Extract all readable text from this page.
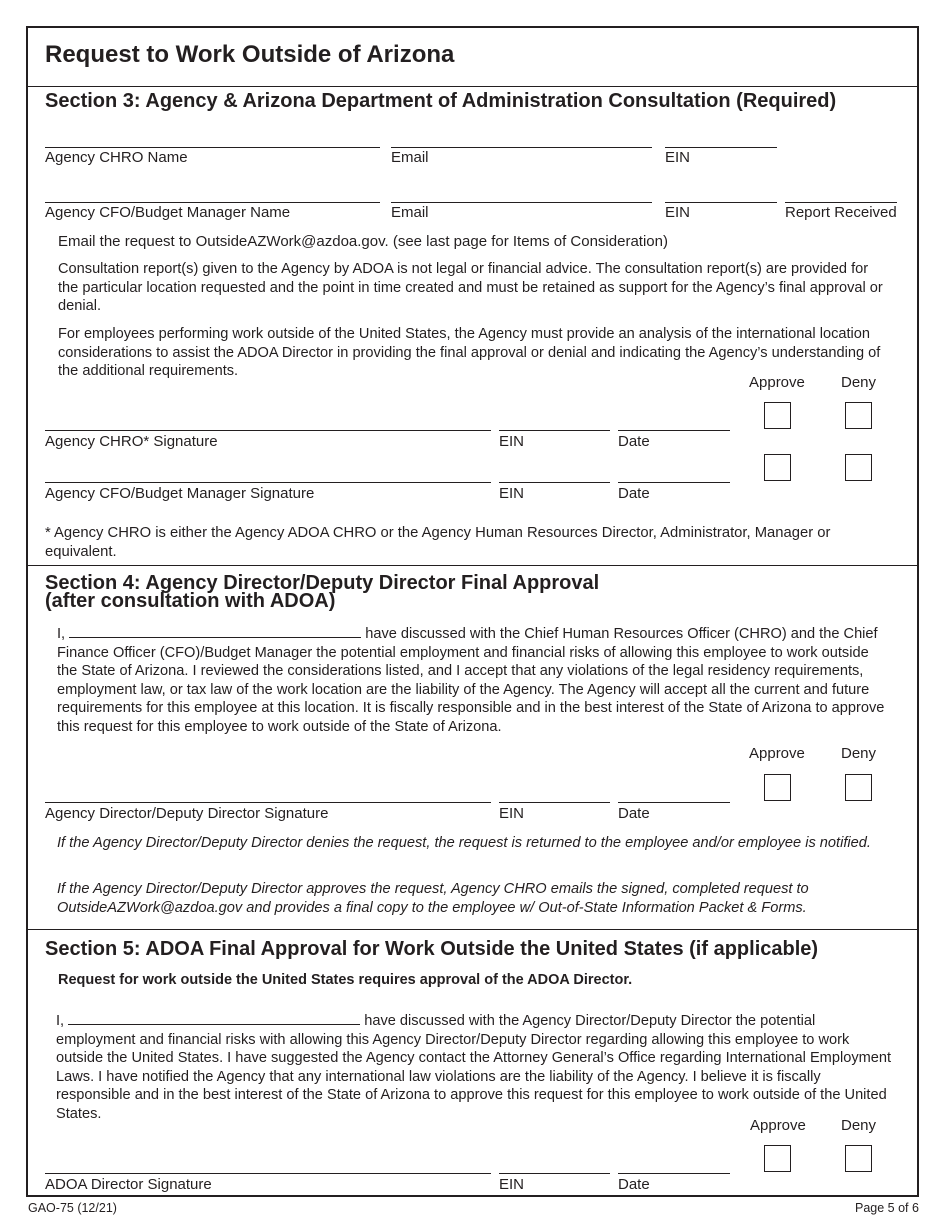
Request to Work Outside of Arizona
Section 3: Agency & Arizona Department of Administration Consultation (Required)
Agency CHRO Name	Email	EIN
Agency CFO/Budget Manager Name	Email	EIN	Report Received
Email the request to OutsideAZWork@azdoa.gov. (see last page for Items of Consideration)
Consultation report(s) given to the Agency by ADOA is not legal or financial advice. The consultation report(s) are provided for the particular location requested and the point in time created and must be retained as support for the Agency’s final approval or denial.
For employees performing work outside of the United States, the Agency must provide an analysis of the international location considerations to assist the ADOA Director in providing the final approval or denial and indicating the Agency’s understanding of the additional requirements.
Approve Deny
Agency CHRO* Signature	EIN	Date
Agency CFO/Budget Manager Signature	EIN	Date
* Agency CHRO is either the Agency ADOA CHRO or the Agency Human Resources Director, Administrator, Manager or equivalent.
Section 4: Agency Director/Deputy Director Final Approval
(after consultation with ADOA)
I,	have discussed with the Chief Human Resources Officer (CHRO) and the Chief Finance Officer (CFO)/Budget Manager the potential employment and financial risks of allowing this employee to work outside the State of Arizona. I reviewed the considerations listed, and I accept that any violations of the legal residency requirements, employment law, or tax law of the work location are the liability of the Agency. The Agency will accept all the current and future requirements for this employee at this location. It is fiscally responsible and in the best interest of the State of Arizona to approve this request for this employee to work outside of the State of Arizona.
Approve Deny
Agency Director/Deputy Director Signature	EIN	Date
If the Agency Director/Deputy Director denies the request, the request is returned to the employee and/or employee is notified.
If the Agency Director/Deputy Director approves the request, Agency CHRO emails the signed, completed request to OutsideAZWork@azdoa.gov and provides a final copy to the employee w/ Out-of-State Information Packet & Forms.
Section 5: ADOA Final Approval for Work Outside the United States (if applicable)
Request for work outside the United States requires approval of the ADOA Director.
I,	have discussed with the Agency Director/Deputy Director the potential employment and financial risks with allowing this Agency Director/Deputy Director regarding allowing this employee to work outside the United States. I have suggested the Agency contact the Attorney General’s Office regarding International Employment Laws. I have notified the Agency that any international law violations are the liability of the Agency. I believe it is fiscally responsible and in the best interest of the State of Arizona to approve this request for this employee to work outside of the United States.
Approve Deny
ADOA Director Signature	EIN	Date
GAO-75 (12/21)	Page 5 of 6
